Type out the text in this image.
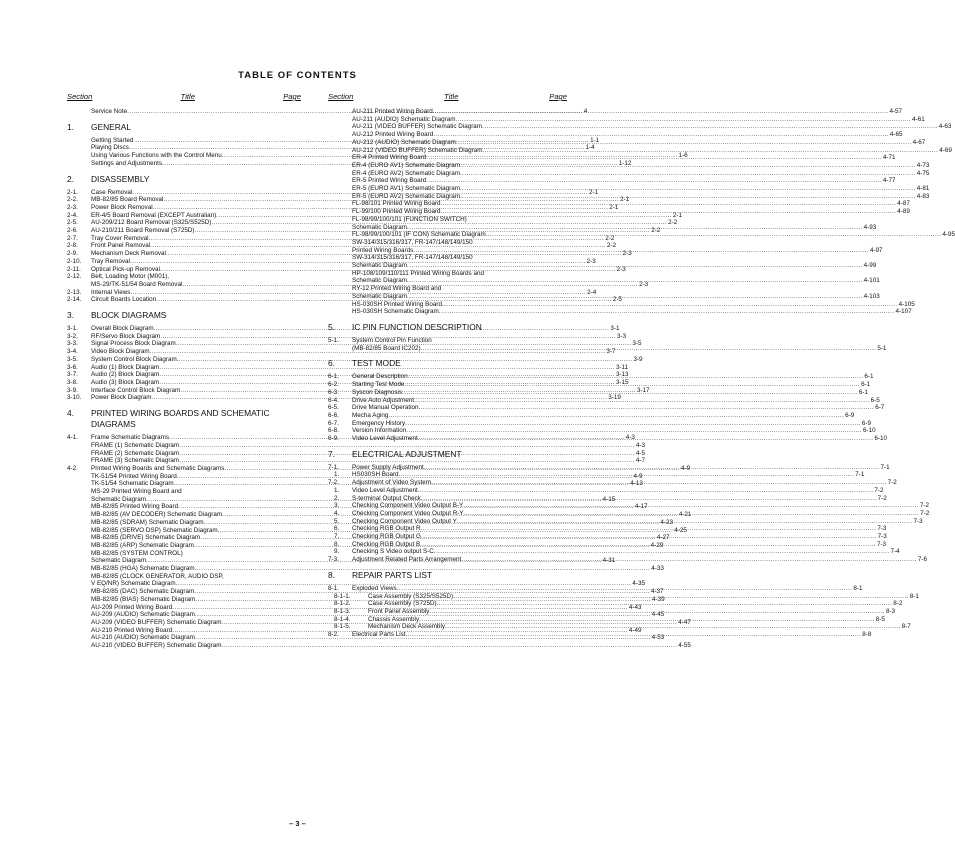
TABLE OF CONTENTS
Section	Title	Page
Service Note .....	4
1.	GENERAL
Getting Started .....	1-1
Playing Discs .....	1-4
Using Various Functions with the Control Menu .....	1-6
Settings and Adjustments .....	1-12
2.	DISASSEMBLY
2-1.	Case Removal .....	2-1
2-2.	MB-82/85 Board Removal .....	2-1
2-3.	Power Block Removal .....	2-1
2-4.	ER-4/5 Board Removal (EXCEPT Australian) .....	2-1
2-5.	AU-209/212 Board Removal (S325/S525D) .....	2-2
2-6.	AU-210/211 Board Removal (S725D) .....	2-2
2-7.	Tray Cover Removal .....	2-2
2-8.	Front Panel Removal .....	2-2
2-9.	Mechanism Deck Removal .....	2-3
2-10.	Tray Removal .....	2-3
2-11.	Optical Pick-up Removal .....	2-3
2-12.	Belt, Loading Motor (M001),
MS-29/TK-51/54 Board Removal .....	2-3
2-13.	Internal Views .....	2-4
2-14.	Circuit Boards Location .....	2-5
3.	BLOCK DIAGRAMS
3-1.	Overall Block Diagram .....	3-1
3-2.	RF/Servo Block Diagram .....	3-3
3-3.	Signal Process Block Diagram .....	3-5
3-4.	Video Block Diagram .....	3-7
3-5.	System Control Block Diagram .....	3-9
3-6.	Audio (1) Block Diagram .....	3-11
3-7.	Audio (2) Block Diagram .....	3-13
3-8.	Audio (3) Block Diagram .....	3-15
3-9.	Interface Control Block Diagram .....	3-17
3-10.	Power Block Diagram .....	3-19
4.	PRINTED WIRING BOARDS AND SCHEMATIC
DIAGRAMS
4-1.	Frame Schematic Diagrams .....	4-3
FRAME (1) Schematic Diagram .....	4-3
FRAME (2) Schematic Diagram .....	4-5
FRAME (3) Schematic Diagram .....	4-7
4-2.	Printed Wiring Boards and Schematic Diagrams .....	4-9
TK-51/54 Printed Wiring Board .....	4-9
TK-51/54 Schematic Diagram .....	4-13
MS-29 Printed Wiring Board and
Schematic Diagram .....	4-15
MB-82/85 Printed Wiring Board .....	4-17
MB-82/85 (AV DECODER) Schematic Diagram .....	4-21
MB-82/85 (SDRAM) Schematic Diagram .....	4-23
MB-82/85 (SERVO DSP) Schematic Diagram .....	4-25
MB-82/85 (DRIVE) Schematic Diagram .....	4-27
MB-82/85 (ARP) Schematic Diagram .....	4-29
MB-82/85 (SYSTEM CONTROL)
Schematic Diagram .....	4-31
MB-82/85 (HGA) Schematic Diagram .....	4-33
MB-82/85 (CLOCK GENERATOR, AUDIO DSP,
V EQ/NR) Schematic Diagram .....	4-35
MB-82/85 (DAC) Schematic Diagram .....	4-37
MB-82/85 (BIAS) Schematic Diagram .....	4-39
AU-209 Printed Wiring Board .....	4-43
AU-209 (AUDIO) Schematic Diagram .....	4-45
AU-209 (VIDEO BUFFER) Schematic Diagram .....	4-47
AU-210 Printed Wiring Board .....	4-49
AU-210 (AUDIO) Schematic Diagram .....	4-53
AU-210 (VIDEO BUFFER) Schematic Diagram .....	4-55
Section	Title	Page
AU-211 Printed Wiring Board .....	4-57
AU-211 (AUDIO) Schematic Diagram .....	4-61
AU-211 (VIDEO BUFFER) Schematic Diagram .....	4-63
AU-212 Printed Wiring Board .....	4-65
AU-212 (AUDIO) Schematic Diagram .....	4-67
AU-212 (VIDEO BUFFER) Schematic Diagram .....	4-69
ER-4 Printed Wiring Board .....	4-71
ER-4 (EURO AV1) Schematic Diagram .....	4-73
ER-4 (EURO AV2) Schematic Diagram .....	4-75
ER-5 Printed Wiring Board .....	4-77
ER-5 (EURO AV1) Schematic Diagram .....	4-81
ER-5 (EURO AV2) Schematic Diagram .....	4-83
FL-98/101 Printed Wiring Board .....	4-87
FL-99/100 Printed Wiring Board .....	4-89
FL-98/99/100/101 (FUNCTION SWITCH)
Schematic Diagram .....	4-93
FL-98/99/100/101 (IF CON) Schematic Diagram .....	4-95
SW-314/315/316/317, FR-147/148/149/150
Printed Wiring Boards .....	4-97
SW-314/315/316/317, FR-147/148/149/150
Schematic Diagram .....	4-99
HP-108/109/110/111 Printed Wiring Boards and
Schematic Diagram .....	4-101
RY-12 Printed Wiring Board and
Schematic Diagram .....	4-103
HS-030SH Printed Wiring Board .....	4-105
HS-030SH Schematic Diagram .....	4-107
5.	IC PIN FUNCTION DESCRIPTION
5-1.	System Control Pin Function
(MB-82/85 Board IC202) .....	5-1
6.	TEST MODE
6-1.	General Description .....	6-1
6-2.	Starting Test Mode .....	6-1
6-3.	Syscon Diagnosis .....	6-1
6-4.	Drive Auto Adjustment .....	6-5
6-5.	Drive Manual Operation .....	6-7
6-6.	Mecha Aging .....	6-9
6-7.	Emergency History .....	6-9
6-8.	Version Information .....	6-10
6-9.	Video Level Adjustment .....	6-10
7.	ELECTRICAL ADJUSTMENT
7-1.	Power Supply Adjustment .....	7-1
1.	HS030SH Board .....	7-1
7-2.	Adjustment of Video System .....	7-2
1.	Video Level Adjustment .....	7-2
2.	S-terminal Output Check .....	7-2
3.	Checking Component Video Output B-Y .....	7-2
4.	Checking Component Video Output R-Y .....	7-2
5.	Checking Component Video Output Y .....	7-3
6.	Checking RGB Output R .....	7-3
7.	Checking RGB Output G .....	7-3
8.	Checking RGB Output B .....	7-3
9.	Checking S Video output S-C .....	7-4
7-3.	Adjustment Related Parts Arrangement .....	7-6
8.	REPAIR PARTS LIST
8-1.	Exploded Views .....	8-1
8-1-1.	Case Assembly (S325/S525D) .....	8-1
8-1-2.	Case Assembly (S725D) .....	8-2
8-1-3.	Front Panel Assembly .....	8-3
8-1-4.	Chassis Assembly .....	8-5
8-1-5.	Mechanism Deck Assembly .....	8-7
8-2.	Electrical Parts List .....	8-8
– 3 –
